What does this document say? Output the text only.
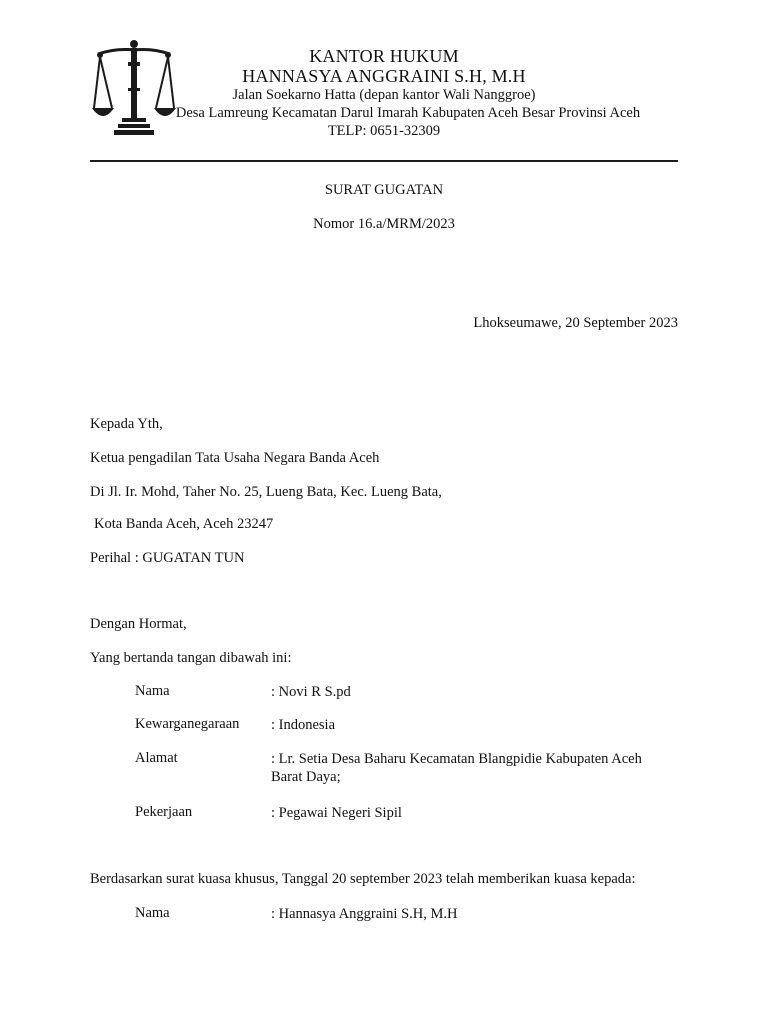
KANTOR HUKUM
HANNASYA ANGGRAINI S.H, M.H
Jalan Soekarno Hatta (depan kantor Wali Nanggroe)
Desa Lamreung Kecamatan Darul Imarah Kabupaten Aceh Besar Provinsi Aceh
TELP: 0651-32309
SURAT GUGATAN
Nomor 16.a/MRM/2023
Lhokseumawe, 20 September 2023
Kepada Yth,
Ketua pengadilan Tata Usaha Negara Banda Aceh
Di Jl. Ir. Mohd, Taher No. 25, Lueng Bata, Kec. Lueng Bata,
Kota Banda Aceh, Aceh 23247
Perihal : GUGATAN TUN
Dengan Hormat,
Yang bertanda tangan dibawah ini:
Nama	: Novi R S.pd
Kewarganegaraan : Indonesia
Alamat	: Lr. Setia Desa Baharu Kecamatan Blangpidie Kabupaten Aceh Barat Daya;
Pekerjaan	: Pegawai Negeri Sipil
Berdasarkan surat kuasa khusus, Tanggal 20 september 2023 telah memberikan kuasa kepada:
Nama	: Hannasya Anggraini S.H, M.H
